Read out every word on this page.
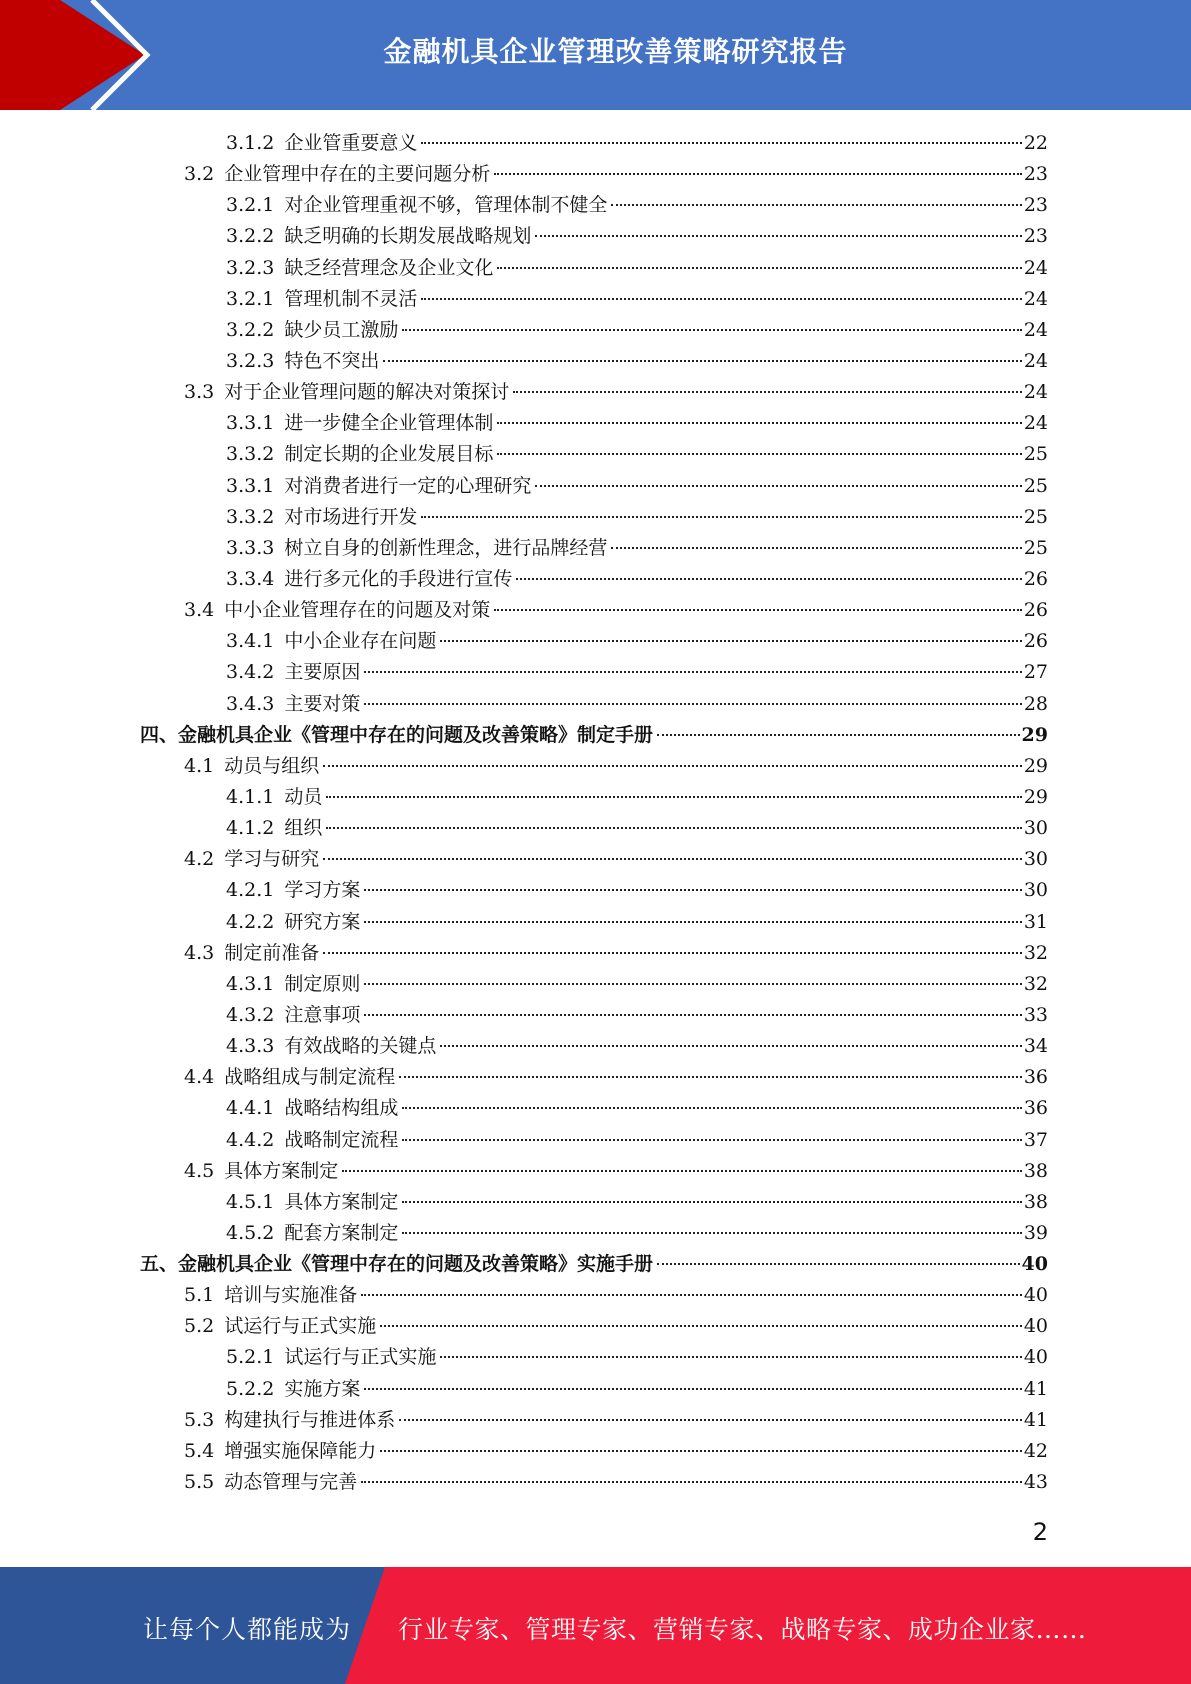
金融机具企业管理改善策略研究报告
3.1.2 企业管重要意义	22
3.2 企业管理中存在的主要问题分析	23
3.2.1 对企业管理重视不够，管理体制不健全	23
3.2.2 缺乏明确的长期发展战略规划	23
3.2.3 缺乏经营理念及企业文化	24
3.2.1 管理机制不灵活	24
3.2.2 缺少员工激励	24
3.2.3 特色不突出	24
3.3 对于企业管理问题的解决对策探讨	24
3.3.1 进一步健全企业管理体制	24
3.3.2 制定长期的企业发展目标	25
3.3.1 对消费者进行一定的心理研究	25
3.3.2 对市场进行开发	25
3.3.3 树立自身的创新性理念，进行品牌经营	25
3.3.4 进行多元化的手段进行宣传	26
3.4 中小企业管理存在的问题及对策	26
3.4.1 中小企业存在问题	26
3.4.2 主要原因	27
3.4.3 主要对策	28
四、金融机具企业《管理中存在的问题及改善策略》制定手册	29
4.1 动员与组织	29
4.1.1 动员	29
4.1.2 组织	30
4.2 学习与研究	30
4.2.1 学习方案	30
4.2.2 研究方案	31
4.3 制定前准备	32
4.3.1 制定原则	32
4.3.2 注意事项	33
4.3.3 有效战略的关键点	34
4.4 战略组成与制定流程	36
4.4.1 战略结构组成	36
4.4.2 战略制定流程	37
4.5 具体方案制定	38
4.5.1 具体方案制定	38
4.5.2 配套方案制定	39
五、金融机具企业《管理中存在的问题及改善策略》实施手册	40
5.1 培训与实施准备	40
5.2 试运行与正式实施	40
5.2.1 试运行与正式实施	40
5.2.2 实施方案	41
5.3 构建执行与推进体系	41
5.4 增强实施保障能力	42
5.5 动态管理与完善	43
2
让每个人都能成为 行业专家、管理专家、营销专家、战略专家、成功企业家……
